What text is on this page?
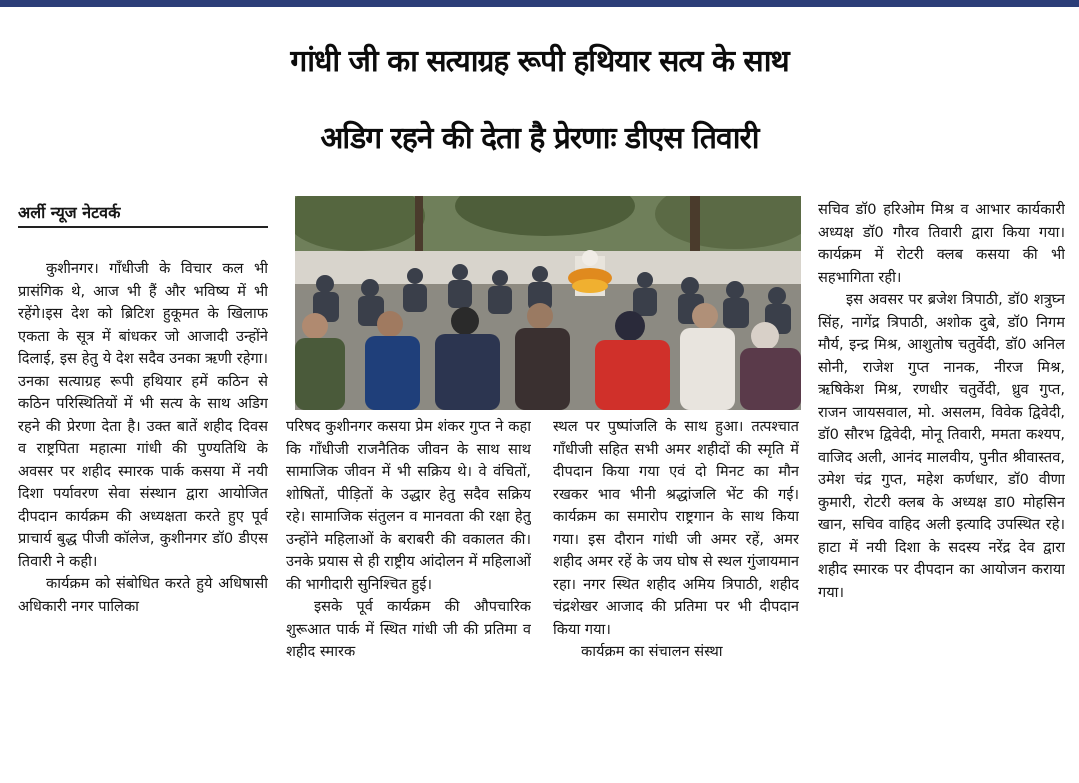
गांधी जी का सत्याग्रह रूपी हथियार सत्य के साथ
अडिग रहने की देता है प्रेरणाः डीएस तिवारी
अर्ली न्यूज नेटवर्क

कुशीनगर। गाँधीजी के विचार कल भी प्रासंगिक थे, आज भी हैं और भविष्य में भी रहेंगे।इस देश को ब्रिटिश हुकूमत के खिलाफ एकता के सूत्र में बांधकर जो आजादी उन्होंने दिलाई, इस हेतु ये देश सदैव उनका ऋणी रहेगा। उनका सत्याग्रह रूपी हथियार हमें कठिन से कठिन परिस्थितियों में भी सत्य के साथ अडिग रहने की प्रेरणा देता है। उक्त बातें शहीद दिवस व राष्ट्रपिता महात्मा गांधी की पुण्यतिथि के अवसर पर शहीद स्मारक पार्क कसया में नयी दिशा पर्यावरण सेवा संस्थान द्वारा आयोजित दीपदान कार्यक्रम की अध्यक्षता करते हुए पूर्व प्राचार्य बुद्ध पीजी कॉलेज, कुशीनगर डॉ0 डीएस तिवारी ने कही।

कार्यक्रम को संबोधित करते हुये अधिषासी अधिकारी नगर पालिका

परिषद कुशीनगर कसया प्रेम शंकर गुप्त ने कहा कि गाँधीजी राजनैतिक जीवन के साथ साथ सामाजिक जीवन में भी सक्रिय थे। वे वंचितों, शोषितों, पीड़ितों के उद्धार हेतु सदैव सक्रिय रहे। सामाजिक संतुलन व मानवता की रक्षा हेतु उन्होंने महिलाओं के बराबरी की वकालत की। उनके प्रयास से ही राष्ट्रीय आंदोलन में महिलाओं की भागीदारी सुनिश्चित हुई।

इसके पूर्व कार्यक्रम की औपचारिक शुरूआत पार्क में स्थित गांधी जी की प्रतिमा व शहीद स्मारक

स्थल पर पुष्पांजलि के साथ हुआ। तत्पश्चात गाँधीजी सहित सभी अमर शहीदों की स्मृति में दीपदान किया गया एवं दो मिनट का मौन रखकर भाव भीनी श्रद्धांजलि भेंट की गई।कार्यक्रम का समारोप राष्ट्रगान के साथ किया गया। इस दौरान गांधी जी अमर रहें, अमर शहीद अमर रहें के जय घोष से स्थल गुंजायमान रहा। नगर स्थित शहीद अमिय त्रिपाठी, शहीद चंद्रशेखर आजाद की प्रतिमा पर भी दीपदान किया गया।

कार्यक्रम का संचालन संस्था

सचिव डॉ0 हरिओम मिश्र व आभार कार्यकारी अध्यक्ष डॉ0 गौरव तिवारी द्वारा किया गया। कार्यक्रम में रोटरी क्लब कसया की भी सहभागिता रही।

इस अवसर पर ब्रजेश त्रिपाठी, डॉ0 शत्रुघ्न सिंह, नागेंद्र त्रिपाठी, अशोक दुबे, डॉ0 निगम मौर्य, इन्द्र मिश्र, आशुतोष चतुर्वेदी, डॉ0 अनिल सोनी, राजेश गुप्त नानक, नीरज मिश्र, ऋषिकेश मिश्र, रणधीर चतुर्वेदी, ध्रुव गुप्त, राजन जायसवाल, मो. असलम, विवेक द्विवेदी, डॉ0 सौरभ द्विवेदी, मोनू तिवारी, ममता कश्यप, वाजिद अली, आनंद मालवीय, पुनीत श्रीवास्तव, उमेश चंद्र गुप्त, महेश कर्णधार, डॉ0 वीणा कुमारी, रोटरी क्लब के अध्यक्ष डा0 मोहसिन खान, सचिव वाहिद अली इत्यादि उपस्थित रहे। हाटा में नयी दिशा के सदस्य नरेंद्र देव द्वारा शहीद स्मारक पर दीपदान का आयोजन कराया गया।
